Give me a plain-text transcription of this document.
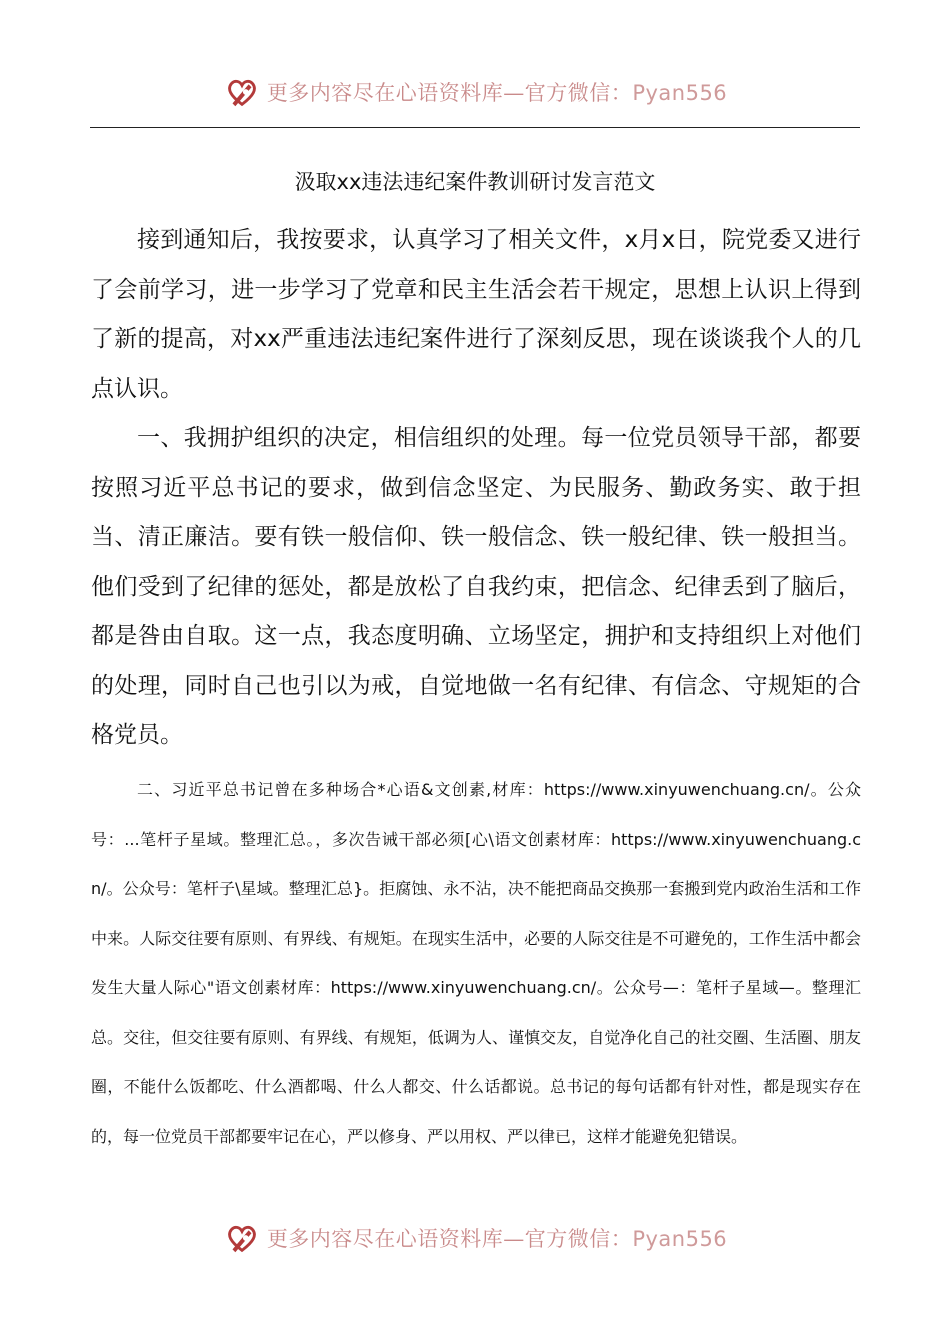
更多内容尽在心语资料库—官方微信：Pyan556
汲取xx违法违纪案件教训研讨发言范文

接到通知后，我按要求，认真学习了相关文件，x月x日，院党委又进行了会前学习，进一步学习了党章和民主生活会若干规定，思想上认识上得到了新的提高，对xx严重违法违纪案件进行了深刻反思，现在谈谈我个人的几点认识。

一、我拥护组织的决定，相信组织的处理。每一位党员领导干部，都要按照习近平总书记的要求，做到信念坚定、为民服务、勤政务实、敢于担当、清正廉洁。要有铁一般信仰、铁一般信念、铁一般纪律、铁一般担当。他们受到了纪律的惩处，都是放松了自我约束，把信念、纪律丢到了脑后，都是咎由自取。这一点，我态度明确、立场坚定，拥护和支持组织上对他们的处理，同时自己也引以为戒，自觉地做一名有纪律、有信念、守规矩的合格党员。

二、习近平总书记曾在多种场合*心语&文创素,材库：https://www.xinyuwenchuang.cn/。公众号：...笔杆子星域。整理汇总。，多次告诫干部必须[心\语文创素材库：https://www.xinyuwenchuang.cn/。公众号：笔杆子\星域。整理汇总}。拒腐蚀、永不沾，决不能把商品交换那一套搬到党内政治生活和工作中来。人际交往要有原则、有界线、有规矩。在现实生活中，必要的人际交往是不可避免的，工作生活中都会发生大量人际心"语文创素材库：https://www.xinyuwenchuang.cn/。公众号—：笔杆子星域—。整理汇总。交往，但交往要有原则、有界线、有规矩，低调为人、谨慎交友，自觉净化自己的社交圈、生活圈、朋友圈，不能什么饭都吃、什么酒都喝、什么人都交、什么话都说。总书记的每句话都有针对性，都是现实存在的，每一位党员干部都要牢记在心，严以修身、严以用权、严以律已，这样才能避免犯错误。

更多内容尽在心语资料库—官方微信：Pyan556
